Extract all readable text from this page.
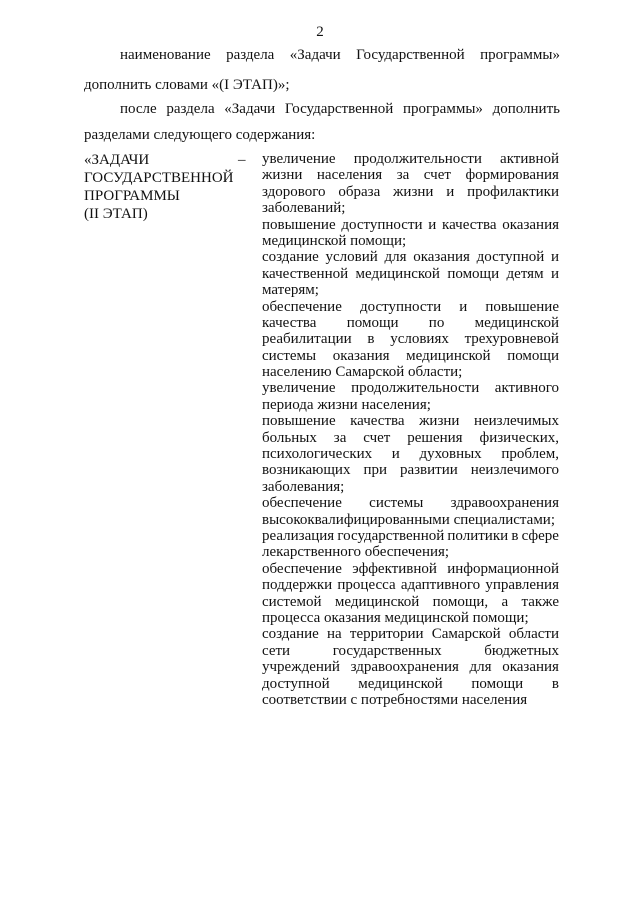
2
наименование раздела «Задачи Государственной программы»
дополнить словами «(I ЭТАП)»;
после раздела «Задачи Государственной программы» дополнить
разделами следующего содержания:
«ЗАДАЧИ
ГОСУДАРСТВЕННОЙ
ПРОГРАММЫ
(II ЭТАП)
– увеличение продолжительности активной
жизни населения за счет формирования
здорового образа жизни и профилактики
заболеваний;
повышение доступности и качества оказания
медицинской помощи;
создание условий для оказания доступной и
качественной медицинской помощи детям и
матерям;
обеспечение доступности и повышение
качества помощи по медицинской
реабилитации в условиях трехуровневой
системы оказания медицинской помощи
населению Самарской области;
увеличение продолжительности активного
периода жизни населения;
повышение качества жизни неизлечимых
больных за счет решения физических,
психологических и духовных проблем,
возникающих при развитии неизлечимого
заболевания;
обеспечение системы здравоохранения
высококвалифицированными специалистами;
реализация государственной политики в сфере
лекарственного обеспечения;
обеспечение эффективной информационной
поддержки процесса адаптивного управления
системой медицинской помощи, а также
процесса оказания медицинской помощи;
создание на территории Самарской области
сети	государственных	бюджетных
учреждений здравоохранения для оказания
доступной медицинской помощи в
соответствии с потребностями населения
